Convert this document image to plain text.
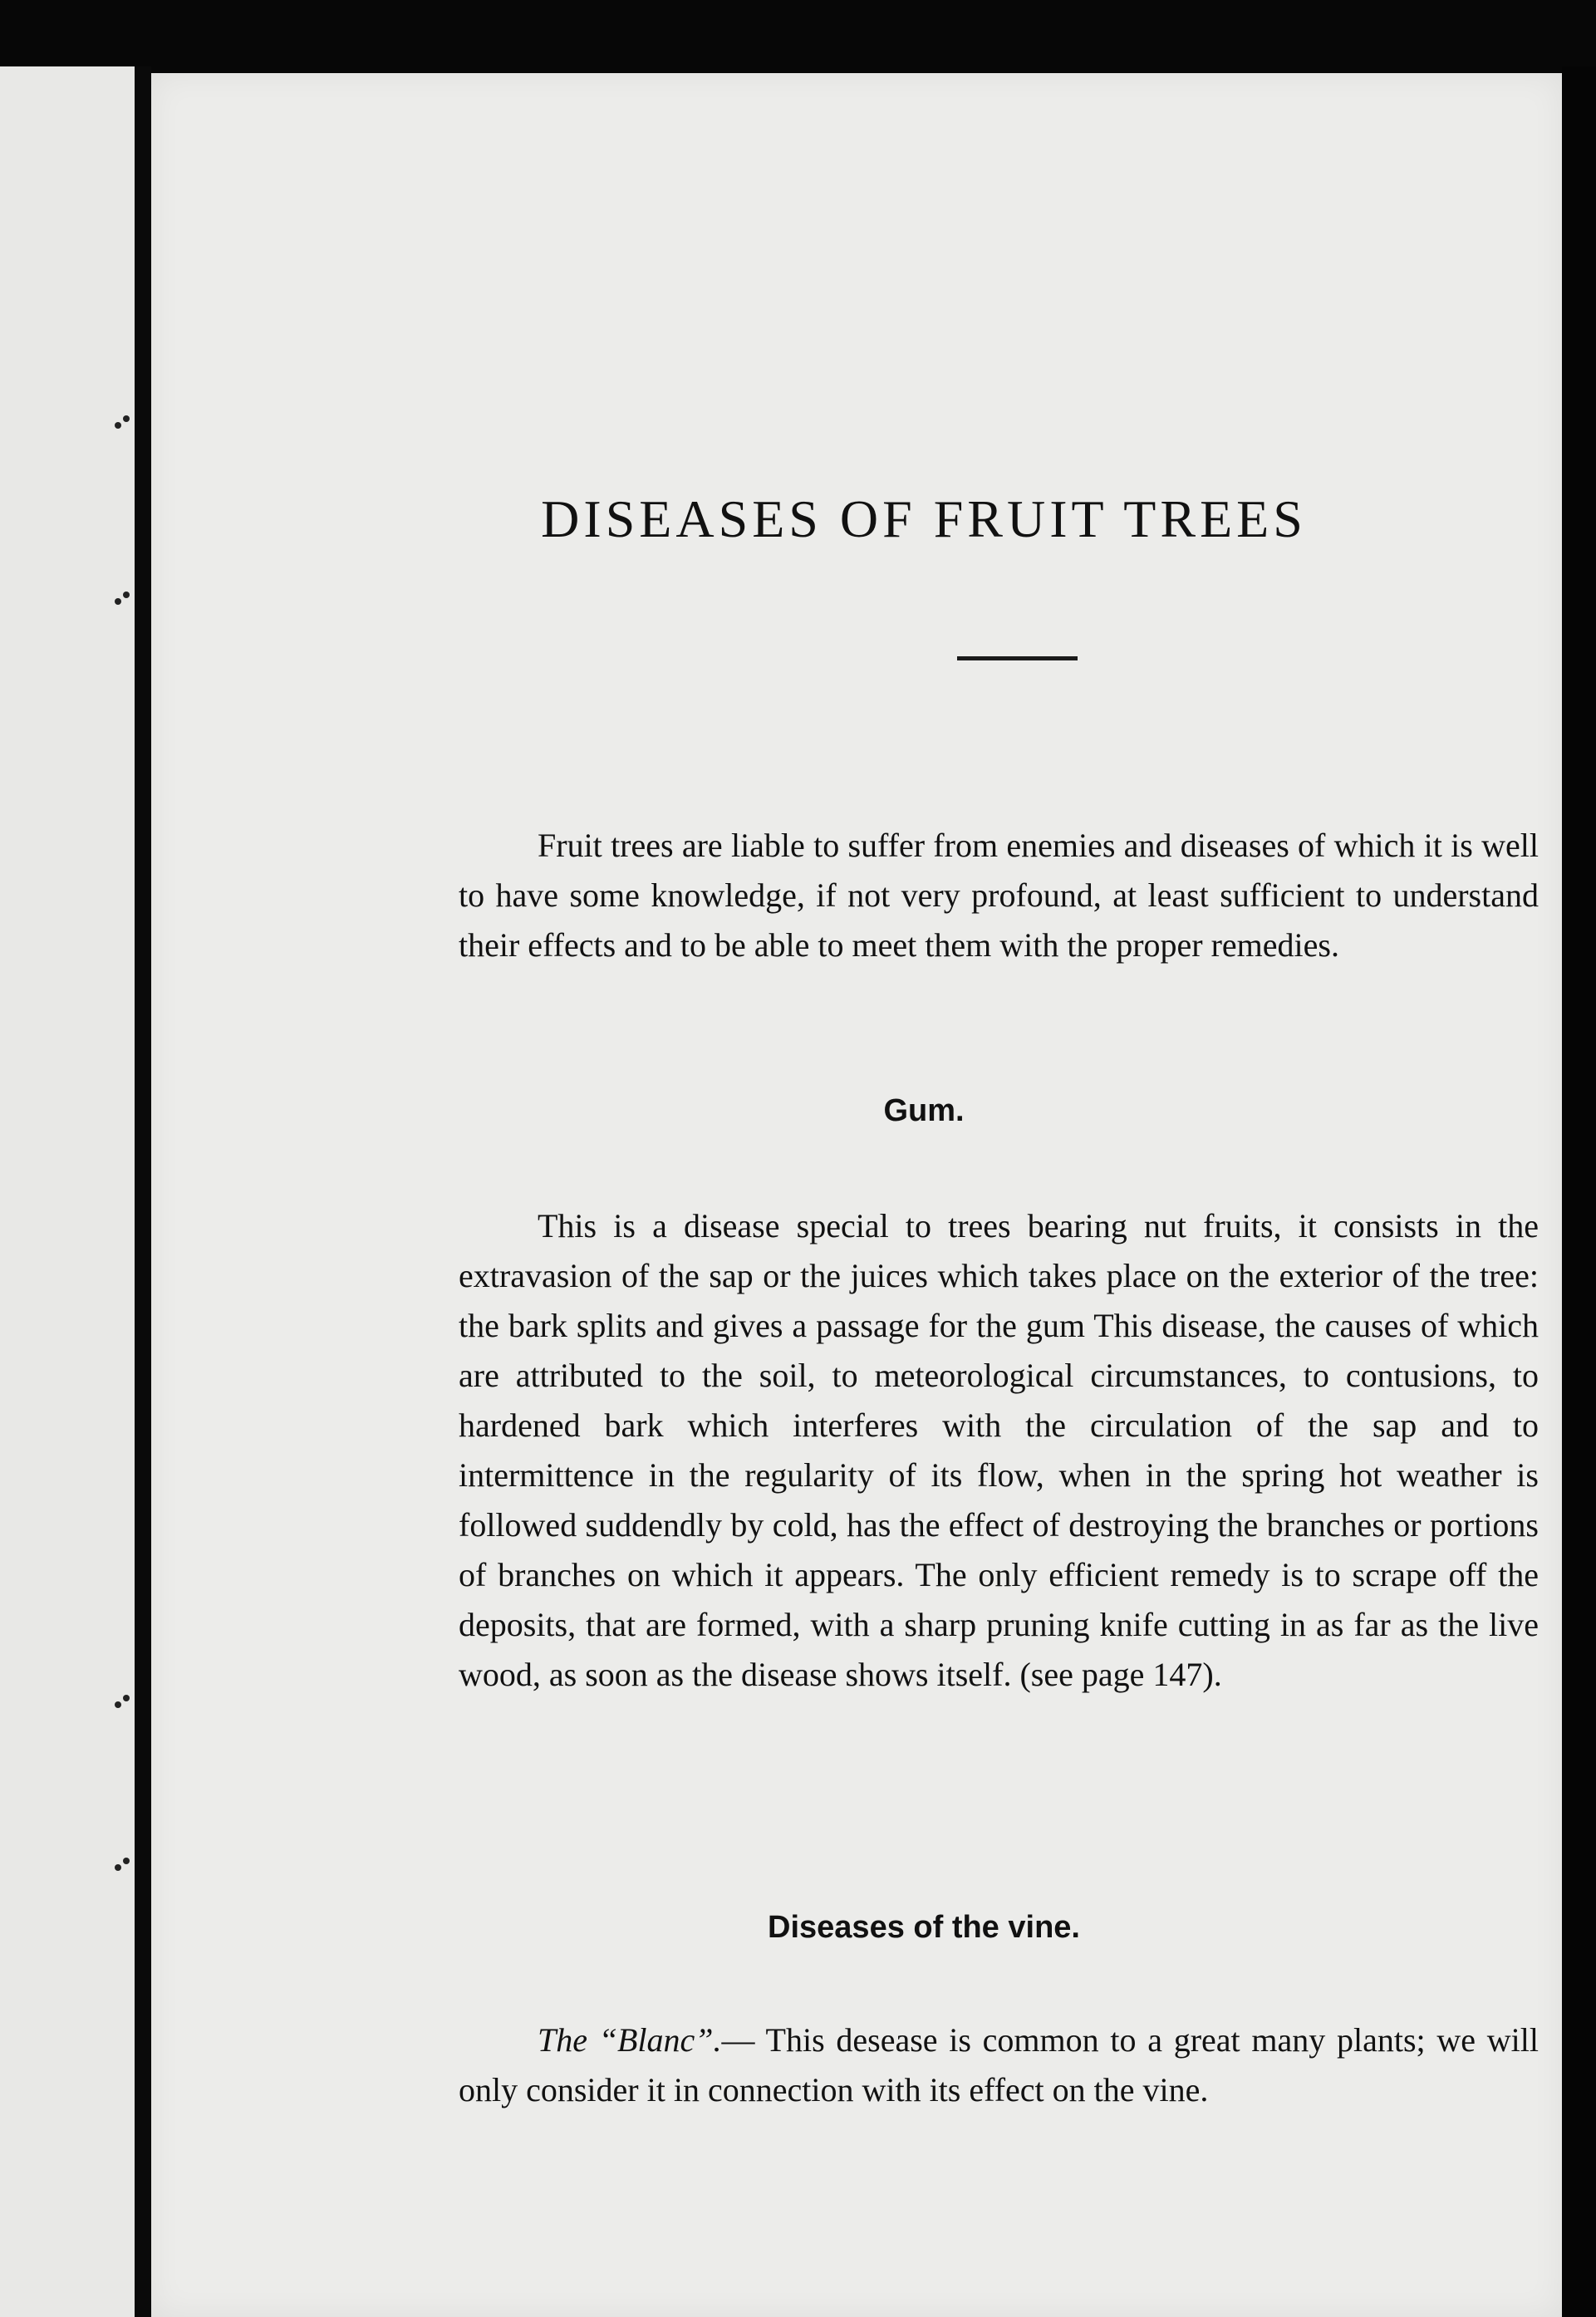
DISEASES OF FRUIT TREES

Fruit trees are liable to suffer from enemies and diseases of which it is well to have some knowledge, if not very profound, at least sufficient to understand their effects and to be able to meet them with the proper remedies.

Gum.

This is a disease special to trees bearing nut fruits, it consists in the extravasion of the sap or the juices which takes place on the exterior of the tree: the bark splits and gives a passage for the gum This disease, the causes of which are attributed to the soil, to meteorological circumstances, to contusions, to hardened bark which interferes with the circulation of the sap and to intermittence in the regularity of its flow, when in the spring hot weather is followed suddendly by cold, has the effect of destroying the branches or portions of branches on which it appears. The only efficient remedy is to scrape off the deposits, that are formed, with a sharp pruning knife cutting in as far as the live wood, as soon as the disease shows itself. (see page 147).

Diseases of the vine.

The “Blanc”.— This desease is common to a great many plants; we will only consider it in connection with its effect on the vine.
